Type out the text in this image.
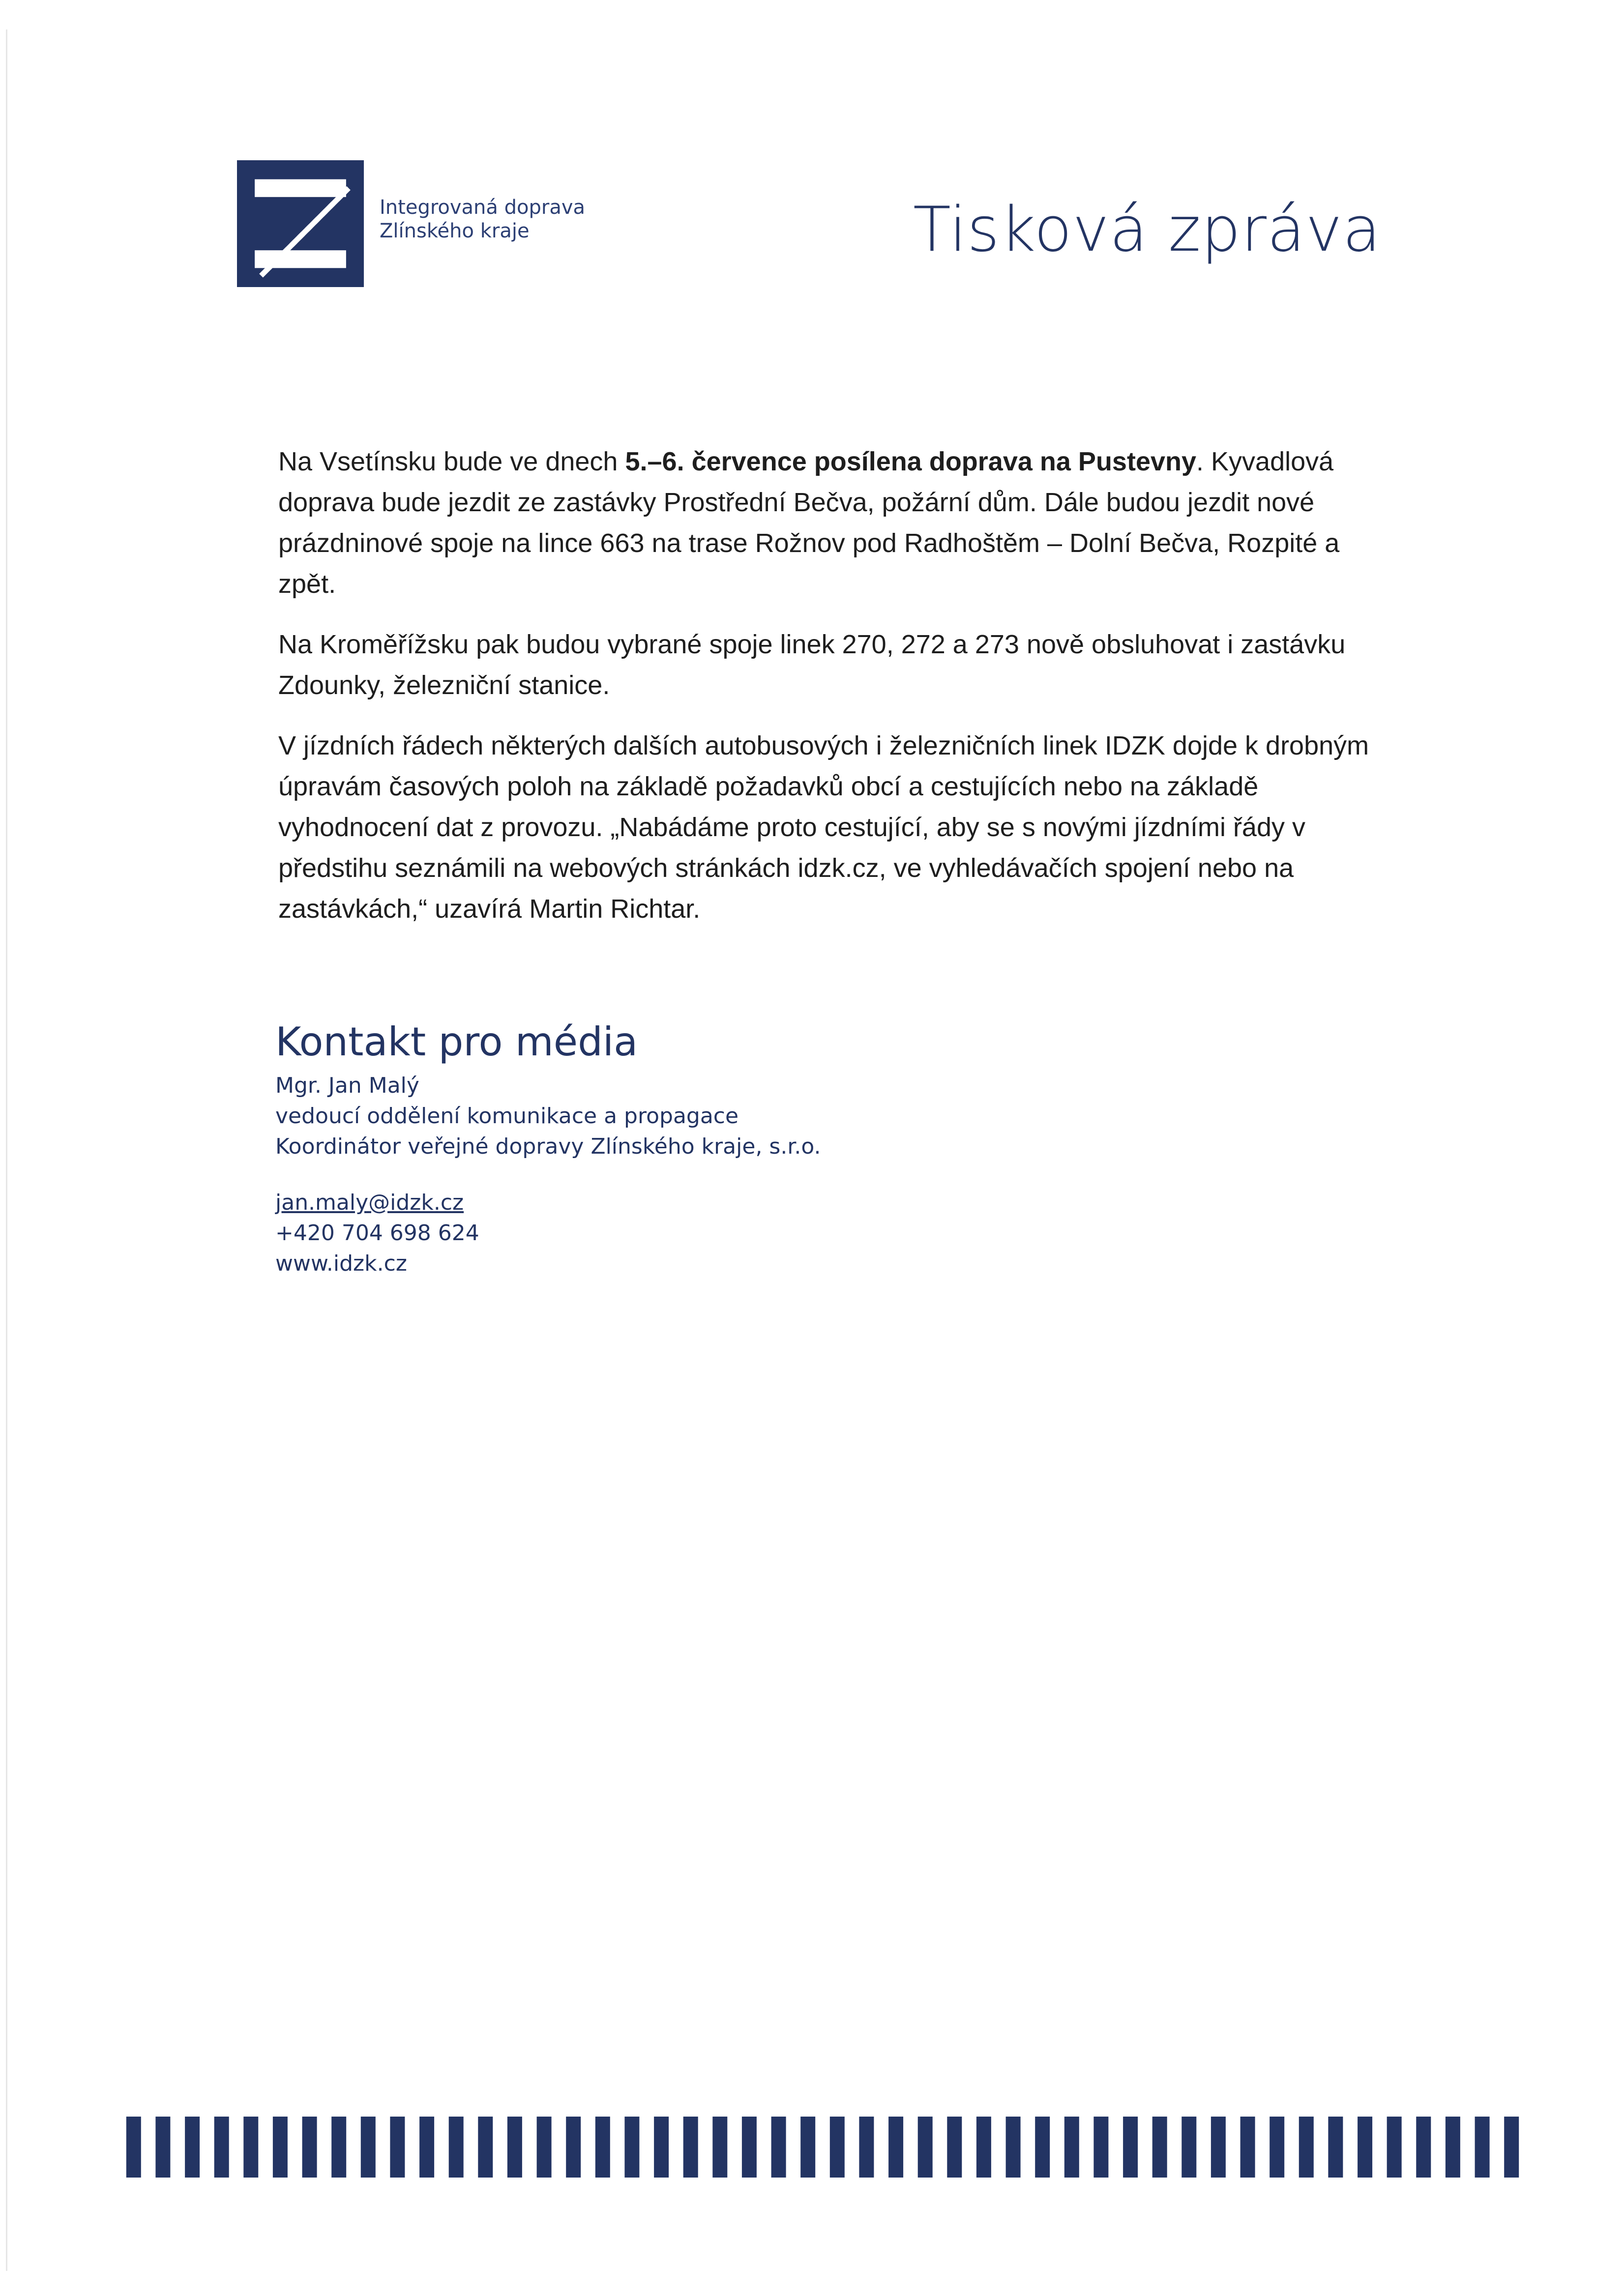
Integrovaná doprava
Zlínského kraje	Tisková zpráva

Na Vsetínsku bude ve dnech 5.–6. července posílena doprava na Pustevny. Kyvadlová doprava bude jezdit ze zastávky Prostřední Bečva, požární dům. Dále budou jezdit nové prázdninové spoje na lince 663 na trase Rožnov pod Radhoštěm – Dolní Bečva, Rozpité a zpět.

Na Kroměřížsku pak budou vybrané spoje linek 270, 272 a 273 nově obsluhovat i zastávku Zdounky, železniční stanice.

V jízdních řádech některých dalších autobusových i železničních linek IDZK dojde k drobným úpravám časových poloh na základě požadavků obcí a cestujících nebo na základě vyhodnocení dat z provozu. „Nabádáme proto cestující, aby se s novými jízdními řády v předstihu seznámili na webových stránkách idzk.cz, ve vyhledávačích spojení nebo na zastávkách,“ uzavírá Martin Richtar.

Kontakt pro média
Mgr. Jan Malý
vedoucí oddělení komunikace a propagace
Koordinátor veřejné dopravy Zlínského kraje, s.r.o.
jan.maly@idzk.cz
+420 704 698 624
www.idzk.cz
